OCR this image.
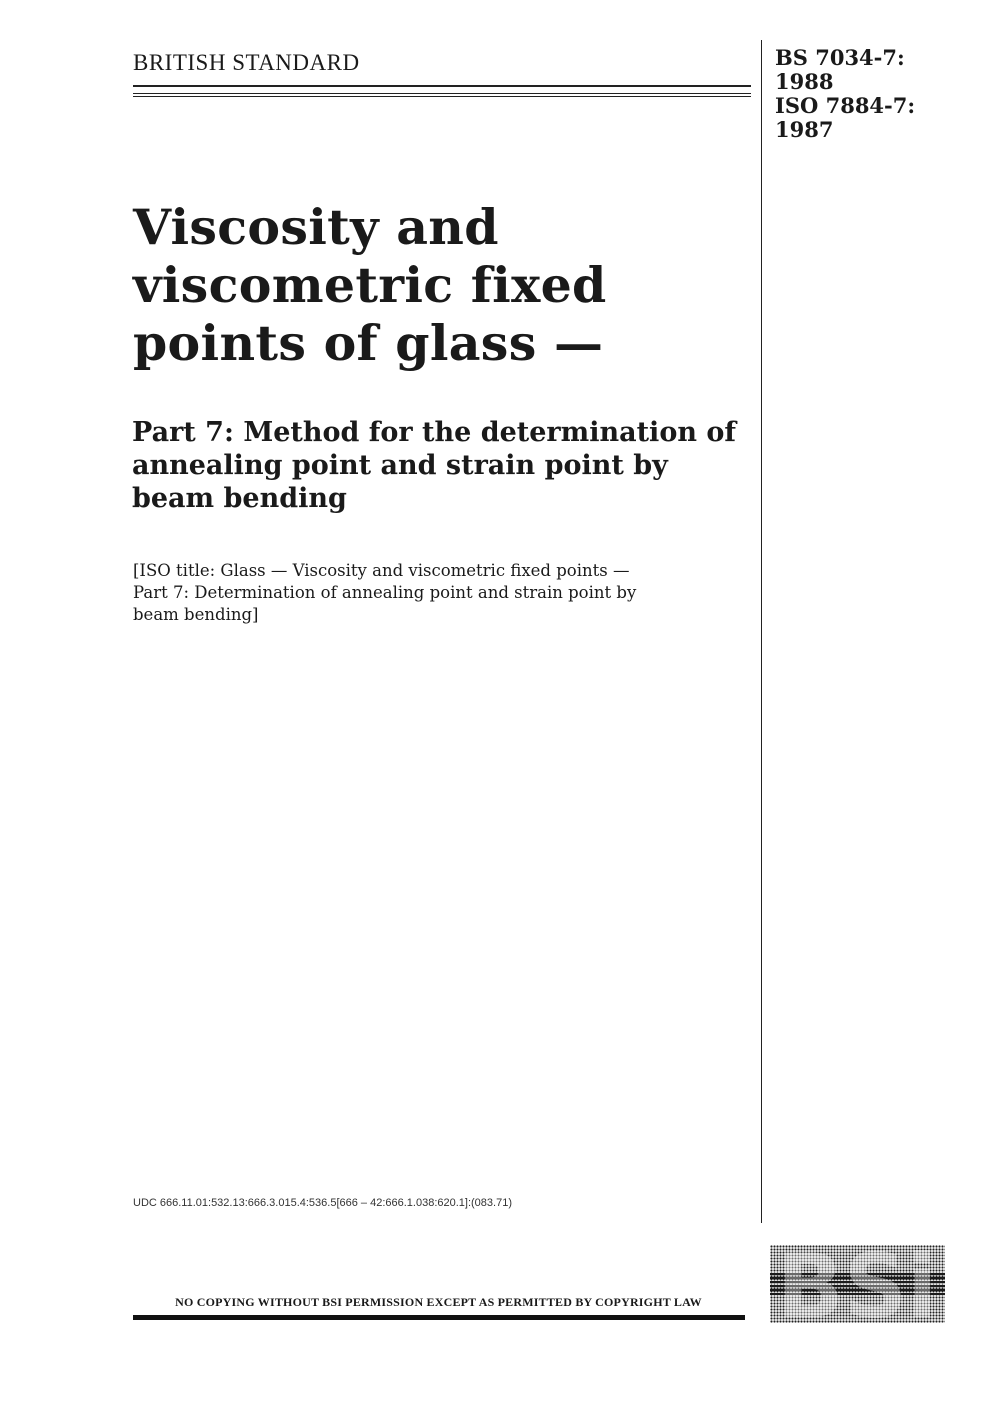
BRITISH STANDARD	BS 7034-7:
1988
ISO 7884-7:
1987
Viscosity and
viscometric fixed
points of glass —
Part 7: Method for the determination of
annealing point and strain point by
beam bending
[ISO title: Glass — Viscosity and viscometric fixed points —
Part 7: Determination of annealing point and strain point by
beam bending]
UDC 666.11.01:532.13:666.3.015.4:536.5[666 – 42:666.1.038:620.1]:(083.71)
NO COPYING WITHOUT BSI PERMISSION EXCEPT AS PERMITTED BY COPYRIGHT LAW BSi
